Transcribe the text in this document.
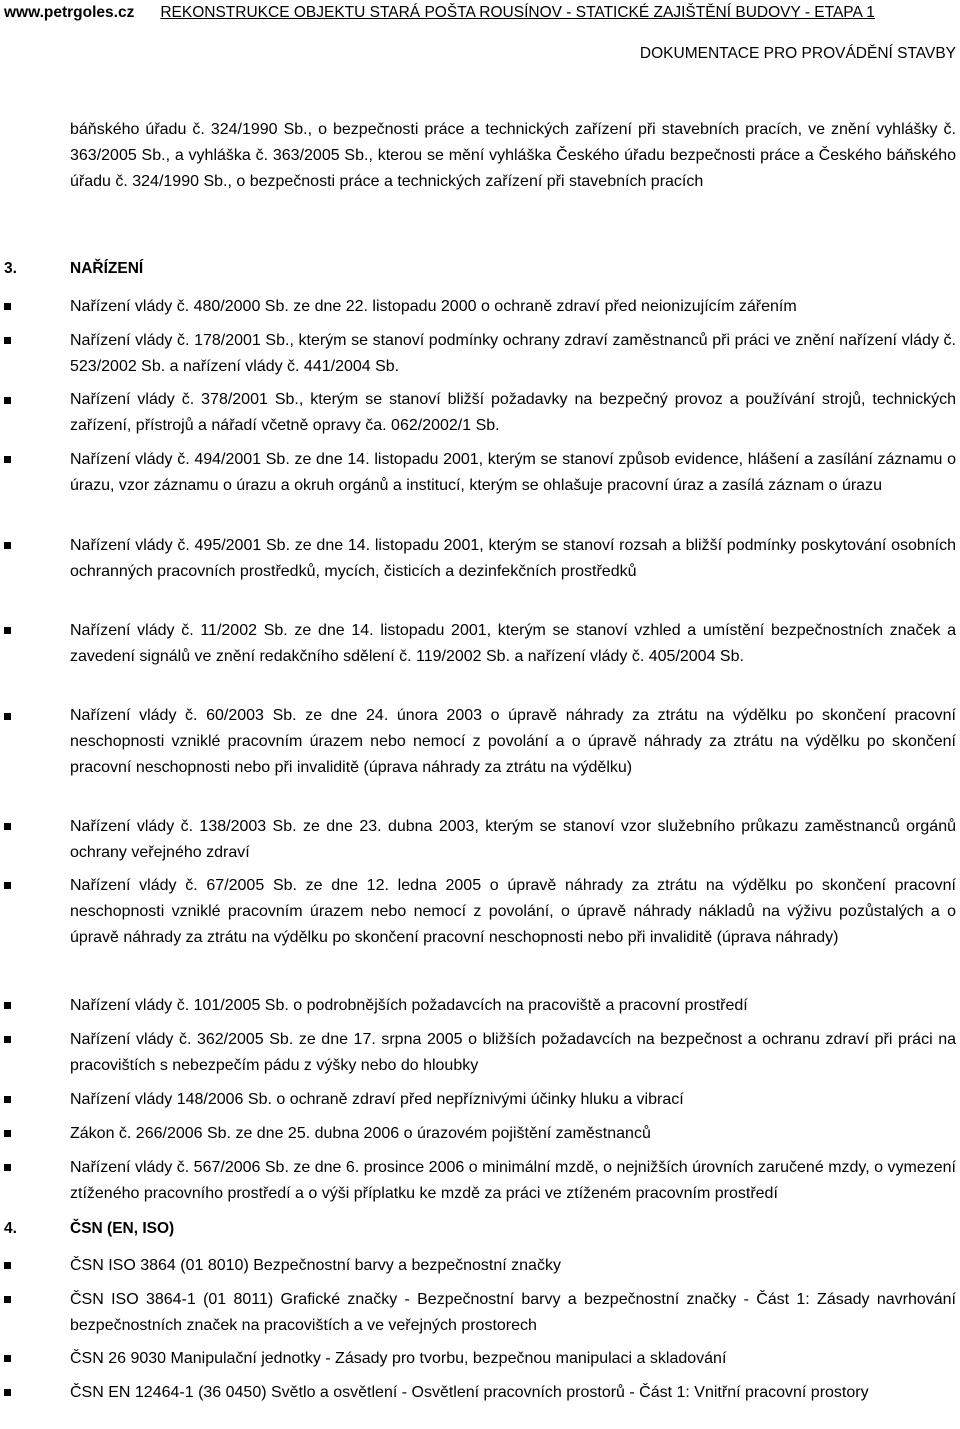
www.petrgoles.cz REKONSTRUKCE OBJEKTU STARÁ POŠTA ROUSÍNOV - STATICKÉ ZAJIŠTĚNÍ BUDOVY - ETAPA 1
DOKUMENTACE PRO PROVÁDĚNÍ STAVBY
báňského úřadu č. 324/1990 Sb., o bezpečnosti práce a technických zařízení při stavebních pracích, ve znění vyhlášky č. 363/2005 Sb., a vyhláška č. 363/2005 Sb., kterou se mění vyhláška Českého úřadu bezpečnosti práce a Českého báňského úřadu č. 324/1990 Sb., o bezpečnosti práce a technických zařízení při stavebních pracích
3.	NAŘÍZENÍ
Nařízení vlády č. 480/2000 Sb. ze dne 22. listopadu 2000 o ochraně zdraví před neionizujícím zářením
Nařízení vlády č. 178/2001 Sb., kterým se stanoví podmínky ochrany zdraví zaměstnanců při práci ve znění nařízení vlády č. 523/2002 Sb. a nařízení vlády č. 441/2004 Sb.
Nařízení vlády č. 378/2001 Sb., kterým se stanoví bližší požadavky na bezpečný provoz a používání strojů, technických zařízení, přístrojů a nářadí včetně opravy ča. 062/2002/1 Sb.
Nařízení vlády č. 494/2001 Sb. ze dne 14. listopadu 2001, kterým se stanoví způsob evidence, hlášení a zasílání záznamu o úrazu, vzor záznamu o úrazu a okruh orgánů a institucí, kterým se ohlašuje pracovní úraz a zasílá záznam o úrazu
Nařízení vlády č. 495/2001 Sb. ze dne 14. listopadu 2001, kterým se stanoví rozsah a bližší podmínky poskytování osobních ochranných pracovních prostředků, mycích, čisticích a dezinfekčních prostředků
Nařízení vlády č. 11/2002 Sb. ze dne 14. listopadu 2001, kterým se stanoví vzhled a umístění bezpečnostních značek a zavedení signálů ve znění redakčního sdělení č. 119/2002 Sb. a nařízení vlády č. 405/2004 Sb.
Nařízení vlády č. 60/2003 Sb. ze dne 24. února 2003 o úpravě náhrady za ztrátu na výdělku po skončení pracovní neschopnosti vzniklé pracovním úrazem nebo nemocí z povolání a o úpravě náhrady za ztrátu na výdělku po skončení pracovní neschopnosti nebo při invaliditě (úprava náhrady za ztrátu na výdělku)
Nařízení vlády č. 138/2003 Sb. ze dne 23. dubna 2003, kterým se stanoví vzor služebního průkazu zaměstnanců orgánů ochrany veřejného zdraví
Nařízení vlády č. 67/2005 Sb. ze dne 12. ledna 2005 o úpravě náhrady za ztrátu na výdělku po skončení pracovní neschopnosti vzniklé pracovním úrazem nebo nemocí z povolání, o úpravě náhrady nákladů na výživu pozůstalých a o úpravě náhrady za ztrátu na výdělku po skončení pracovní neschopnosti nebo při invaliditě (úprava náhrady)
Nařízení vlády č. 101/2005 Sb. o podrobnějších požadavcích na pracoviště a pracovní prostředí
Nařízení vlády č. 362/2005 Sb. ze dne 17. srpna 2005 o bližších požadavcích na bezpečnost a ochranu zdraví při práci na pracovištích s nebezpečím pádu z výšky nebo do hloubky
Nařízení vlády 148/2006 Sb. o ochraně zdraví před nepříznivými účinky hluku a vibrací
Zákon č. 266/2006 Sb. ze dne 25. dubna 2006 o úrazovém pojištění zaměstnanců
Nařízení vlády č. 567/2006 Sb. ze dne 6. prosince 2006 o minimální mzdě, o nejnižších úrovních zaručené mzdy, o vymezení ztíženého pracovního prostředí a o výši příplatku ke mzdě za práci ve ztíženém pracovním prostředí
4.	ČSN (EN, ISO)
ČSN ISO 3864 (01 8010) Bezpečnostní barvy a bezpečnostní značky
ČSN ISO 3864-1 (01 8011) Grafické značky - Bezpečnostní barvy a bezpečnostní značky - Část 1: Zásady navrhování bezpečnostních značek na pracovištích a ve veřejných prostorech
ČSN 26 9030 Manipulační jednotky - Zásady pro tvorbu, bezpečnou manipulaci a skladování
ČSN EN 12464-1 (36 0450) Světlo a osvětlení - Osvětlení pracovních prostorů - Část 1: Vnitřní pracovní prostory
